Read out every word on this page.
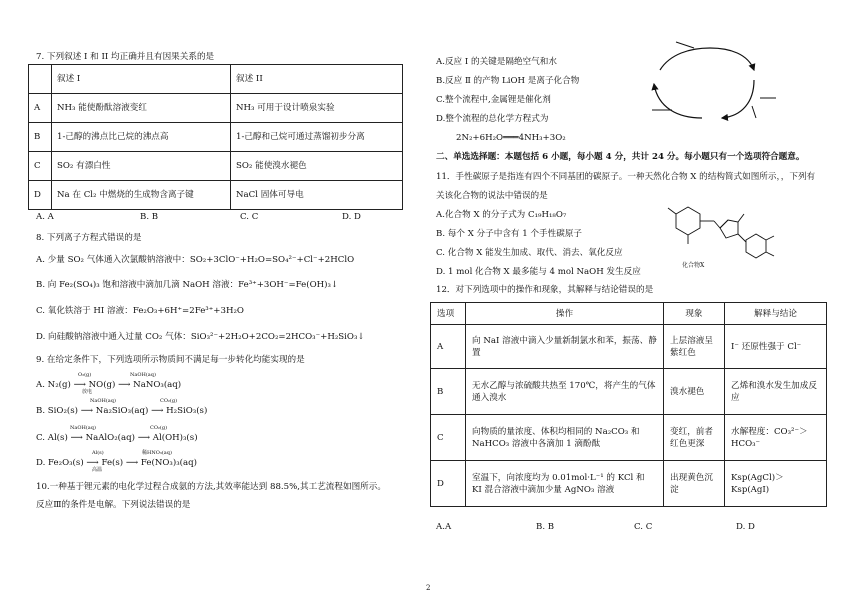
7. 下列叙述 I 和 II 均正确并且有因果关系的是
	叙述 I	叙述 II
A	NH₃ 能使酚酞溶液变红	NH₃ 可用于设计喷泉实验
B	1-己醇的沸点比己烷的沸点高	1-己醇和己烷可通过蒸馏初步分离
C	SO₂ 有漂白性	SO₂ 能使溴水褪色
D	Na 在 Cl₂ 中燃烧的生成物含离子键	NaCl 固体可导电
A. A	B. B	C. C	D. D
8. 下列离子方程式错误的是
A. 少量 SO₂ 气体通入次氯酸钠溶液中：SO₂+3ClO⁻+H₂O=SO₄²⁻+Cl⁻+2HClO
B. 向 Fe₂(SO₄)₃ 饱和溶液中滴加几滴 NaOH 溶液：Fe³⁺+3OH⁻=Fe(OH)₃↓
C. 氧化铁溶于 HI 溶液：Fe₂O₃+6H⁺=2Fe³⁺+3H₂O
D. 向硅酸钠溶液中通入过量 CO₂ 气体：SiO₃²⁻+2H₂O+2CO₂=2HCO₃⁻+H₂SiO₃↓
9. 在给定条件下，下列选项所示物质间不满足每一步转化均能实现的是
A. N₂(g) ⟶ NO(g) ⟶ NaNO₃(aq)
O₂(g)
放电
NaOH(aq)
B. SiO₂(s) ⟶ Na₂SiO₃(aq) ⟶ H₂SiO₃(s)
NaOH(aq)	CO₂(g)
C. Al(s) ⟶ NaAlO₂(aq) ⟶ Al(OH)₃(s)
NaOH(aq)	CO₂(g)
D. Fe₂O₃(s) ⟶ Fe(s) ⟶ Fe(NO₃)₃(aq)
Al(s)
高温
稀HNO₃(aq)
10.一种基于锂元素的电化学过程合成氨的方法,其效率能达到 88.5%,其工艺流程如图所示。
反应Ⅲ的条件是电解。下列说法错误的是
A.反应 Ⅰ 的关键是隔绝空气和水
B.反应 Ⅱ 的产物 LiOH 是离子化合物
C.整个流程中,金属锂是催化剂
D.整个流程的总化学方程式为
2N₂+6H₂O═══4NH₃+3O₂
二、单选选择题：本题包括 6 小题，每小题 4 分，共计 24 分。每小题只有一个选项符合题意。
11．手性碳原子是指连有四个不同基团的碳原子。一种天然化合物 X 的结构简式如图所示，，下列有
关该化合物的说法中错误的是
A.化合物 X 的分子式为 C₁₉H₁₈O₇
B. 每个 X 分子中含有 1 个手性碳原子
C. 化合物 X 能发生加成、取代、消去、氧化反应
D. 1 mol 化合物 X 最多能与 4 mol NaOH 发生反应
化合物X
12．对下列选项中的操作和现象，其解释与结论错误的是
选项	操作	现象	解释与结论
A	向 NaI 溶液中滴入少量新制氯水和苯，振荡、静置	上层溶液呈紫红色	I⁻ 还原性强于 Cl⁻
B	无水乙醇与浓硫酸共热至 170℃，将产生的气体通入溴水	溴水褪色	乙烯和溴水发生加成反应
C	向物质的量浓度、体积均相同的 Na₂CO₃ 和 NaHCO₃ 溶液中各滴加 1 滴酚酞	变红，前者红色更深	水解程度：CO₃²⁻＞HCO₃⁻
D	室温下，向浓度均为 0.01mol·L⁻¹ 的 KCl 和 KI 混合溶液中滴加少量 AgNO₃ 溶液	出现黄色沉淀	Ksp(AgCl)＞Ksp(AgI)
A.A	B. B	C. C	D. D
2
